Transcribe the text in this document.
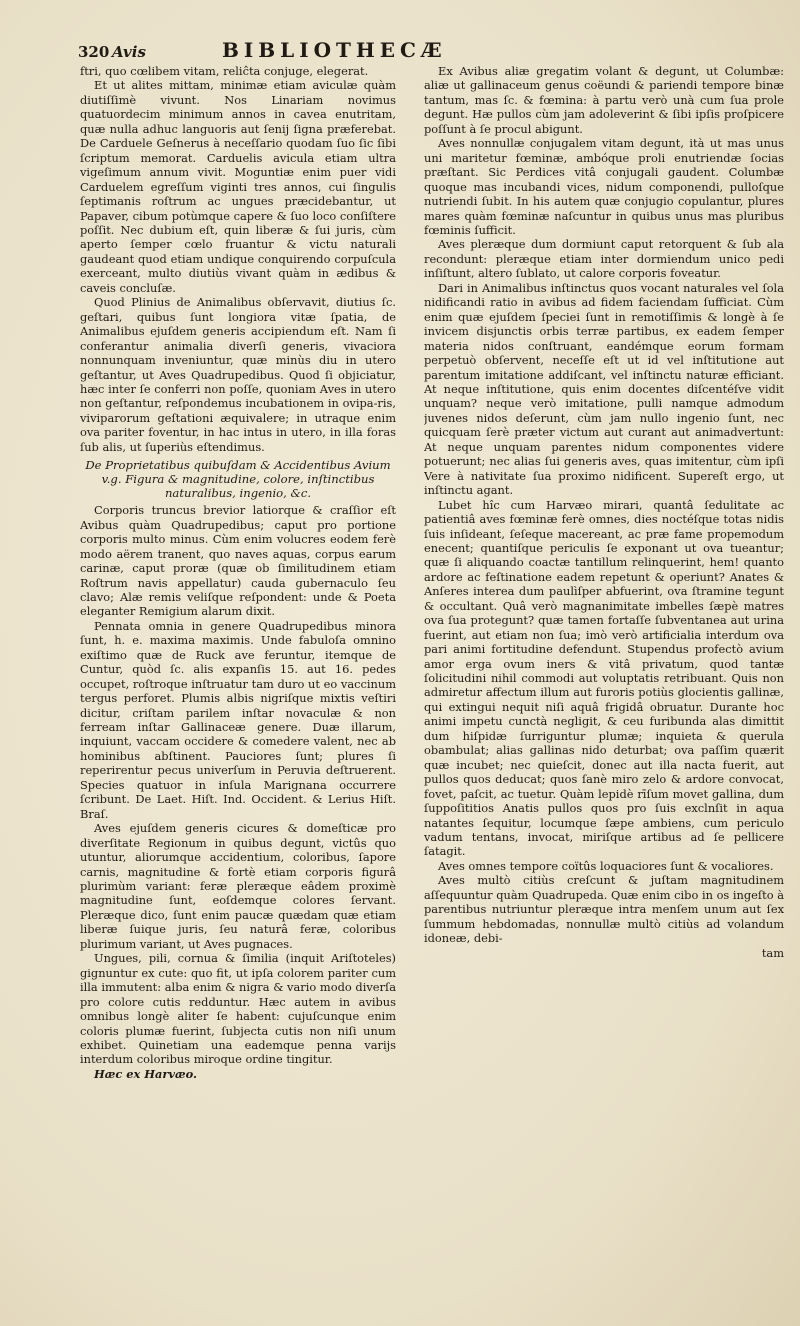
320 Avis	BIBLIOTHECÆ

ftri, quo cœlibem vitam, reliĉta conjuge, elegerat.

Et ut alites mittam, minimæ etiam aviculæ quàm diutiſſimè vivunt. Nos Linariam novimus quatuordecim minimum annos in cavea enutritam, quæ nulla adhuc languoris aut ſenij ſigna præferebat. De Carduele Geſnerus à neceſſario quodam ſuo ſic ſibi ſcriptum memorat. Carduelis avicula etiam ultra vigeſimum annum vivit. Moguntiæ enim puer vidi Carduelem egreſſum viginti tres annos, cui ſingulis ſeptimanis roſtrum ac ungues præcidebantur, ut Papaver, cibum potùmque capere & ſuo loco conſiſtere poſſit. Nec dubium eſt, quin liberæ & ſui juris, cùm aperto ſemper cœlo fruantur & victu naturali gaudeant quod etiam undique conquirendo corpuſcula exerceant, multo diutiùs vivant quàm in ædibus & caveis concluſæ.

Quod Plinius de Animalibus obſervavit, diutius ſc. geſtari, quibus ſunt longiora vitæ ſpatia, de Animalibus ejuſdem generis accipiendum eſt. Nam ſi conferantur animalia diverſi generis, vivaciora nonnunquam inveniuntur, quæ minùs diu in utero geſtantur, ut Aves Quadrupedibus. Quod ſi objiciatur, hæc inter ſe conferri non poſſe, quoniam Aves in utero non geſtantur, reſpondemus incubationem in ovipa-ris, viviparorum geſtationi æquivalere; in utraque enim ova pariter foventur, in hac intus in utero, in illa foras ſub alis, ut ſuperiùs eſtendimus.

De Proprietatibus quibuſdam & Accidentibus Avium v.g. Figura & magnitudine, colore, inſtinctibus naturalibus, ingenio, &c.

Corporis truncus brevior latiorque & craſſior eſt Avibus quàm Quadrupedibus; caput pro portione corporis multo minus. Cùm enim volucres eodem ferè modo aërem tranent, quo naves aquas, corpus earum carinæ, caput proræ (quæ ob ſimilitudinem etiam Roſtrum navis appellatur) cauda gubernaculo ſeu clavo; Alæ remis veliſque reſpondent: unde & Poeta eleganter Remigium alarum dixit.

Pennata omnia in genere Quadrupedibus minora ſunt, h. e. maxima maximis. Unde fabuloſa omnino exiſtimo quæ de Ruck ave feruntur, itemque de Cuntur, quòd ſc. alis expanſis 15. aut 16. pedes occupet, roſtroque inſtruatur tam duro ut eo vaccinum tergus perforet. Plumis albis nigriſque mixtis veſtiri dicitur, criſtam parilem inſtar novaculæ & non ferream inſtar Gallinaceæ genere. Duæ illarum, inquiunt, vaccam occidere & comedere valent, nec ab hominibus abſtinent. Pauciores ſunt; plures ſi reperirentur pecus univerſum in Peruvia deſtruerent. Species quatuor in inſula Marignana occurrere ſcribunt. De Laet. Hiſt. Ind. Occident. & Lerius Hiſt. Braſ.

Aves ejuſdem generis cicures & domeſticæ pro diverſitate Regionum in quibus degunt, victûs quo utuntur, aliorumque accidentium, coloribus, ſapore carnis, magnitudine & fortè etiam corporis figurâ plurimùm variant: feræ pleræque eâdem proximè magnitudine ſunt, eoſdemque colores ſervant. Pleræque dico, ſunt enim paucæ quædam quæ etiam liberæ ſuique juris, ſeu naturâ feræ, coloribus plurimum variant, ut Aves pugnaces.

Ungues, pili, cornua & ſimilia (inquit Ariſtoteles) gignuntur ex cute: quo fit, ut ipſa colorem pariter cum illa immutent: alba enim & nigra & vario modo diverſa pro colore cutis redduntur. Hæc autem in avibus omnibus longè aliter ſe habent: cujuſcunque enim coloris plumæ fuerint, ſubjecta cutis non niſi unum exhibet. Quinetiam una eademque penna varijs interdum coloribus miroque ordine tingitur.

Hæc ex Harvæo.

Ex Avibus aliæ gregatim volant & degunt, ut Columbæ: aliæ ut gallinaceum genus coëundi & pariendi tempore binæ tantum, mas ſc. & fœmina: à partu verò unà cum ſua prole degunt. Hæ pullos cùm jam adoleverint & ſibi ipſis proſpicere poſſunt à ſe procul abigunt.

Aves nonnullæ conjugalem vitam degunt, ità ut mas unus uni maritetur fœminæ, ambóque proli enutriendæ ſocias præſtant. Sic Perdices vitâ conjugali gaudent. Columbæ quoque mas incubandi vices, nidum componendi, pulloſque nutriendi ſubit. In his autem quæ conjugio copulantur, plures mares quàm fœminæ naſcuntur in quibus unus mas pluribus fœminis ſufficit.

Aves pleræque dum dormiunt caput retorquent & ſub ala recondunt: pleræque etiam inter dormiendum unico pedi inſiſtunt, altero ſublato, ut calore corporis foveatur.

Dari in Animalibus inſtinctus quos vocant naturales vel ſola nidificandi ratio in avibus ad fidem faciendam ſufficiat. Cùm enim quæ ejuſdem ſpeciei ſunt in remotiſſimis & longè à ſe invicem disjunctis orbis terræ partibus, ex eadem ſemper materia nidos conſtruant, eandémque eorum formam perpetuò obſervent, neceſſe eſt ut id vel inſtitutione aut parentum imitatione addiſcant, vel inſtinctu naturæ efficiant. At neque inſtitutione, quis enim docentes diſcentéſve vidit unquam? neque verò imitatione, pulli namque admodum juvenes nidos deſerunt, cùm jam nullo ingenio ſunt, nec quicquam ſerè præter victum aut curant aut animadvertunt: At neque unquam parentes nidum componentes videre potuerunt; nec alias ſui generis aves, quas imitentur, cùm ipſi Vere à nativitate ſua proximo nidificent. Supereſt ergo, ut inſtinctu agant.

Lubet hîc cum Harvæo mirari, quantâ ſedulitate ac patientiâ aves fœminæ ferè omnes, dies noctéſque totas nidis ſuis inſideant, ſeſeque macereant, ac præ fame propemodum enecent; quantiſque periculis ſe exponant ut ova tueantur; quæ ſi aliquando coactæ tantillum relinquerint, hem! quanto ardore ac feſtinatione eadem repetunt & operiunt? Anates & Anſeres interea dum paulìſper abfuerint, ova ſtramine tegunt & occultant. Quâ verò magnanimitate imbelles ſæpè matres ova ſua protegunt? quæ tamen fortaſſe ſubventanea aut urina fuerint, aut etiam non ſua; imò verò artificialia interdum ova pari animi fortitudine defendunt. Stupendus profectò avium amor erga ovum iners & vitâ privatum, quod tantæ ſolicitudini nihil commodi aut voluptatis retribuant. Quis non admiretur affectum illum aut furoris potiùs glocientis gallinæ, qui extingui nequit niſi aquâ frigidâ obruatur. Durante hoc animi impetu cunctà negligit, & ceu furibunda alas dimittit dum hiſpidæ ſurriguntur plumæ; inquieta & querula obambulat; alias gallinas nido deturbat; ova paſſim quærit quæ incubet; nec quieſcit, donec aut illa nacta fuerit, aut pullos quos deducat; quos ſanè miro zelo & ardore convocat, fovet, paſcit, ac tuetur. Quàm lepidè rīſum movet gallina, dum ſuppoſititios Anatis pullos quos pro ſuis exclnſit in aqua natantes ſequitur, locumque ſæpe ambiens, cum periculo vadum tentans, invocat, miriſque artibus ad ſe pellicere ſatagit.

Aves omnes tempore coïtûs loquaciores ſunt & vocaliores.

Aves multò citiùs creſcunt & juſtam magnitudinem aſſequuntur quàm Quadrupeda. Quæ enim cibo in os ingeſto à parentibus nutriuntur pleræque intra menſem unum aut ſex ſummum hebdomadas, nonnullæ multò citiùs ad volandum idoneæ, debi-

tam
